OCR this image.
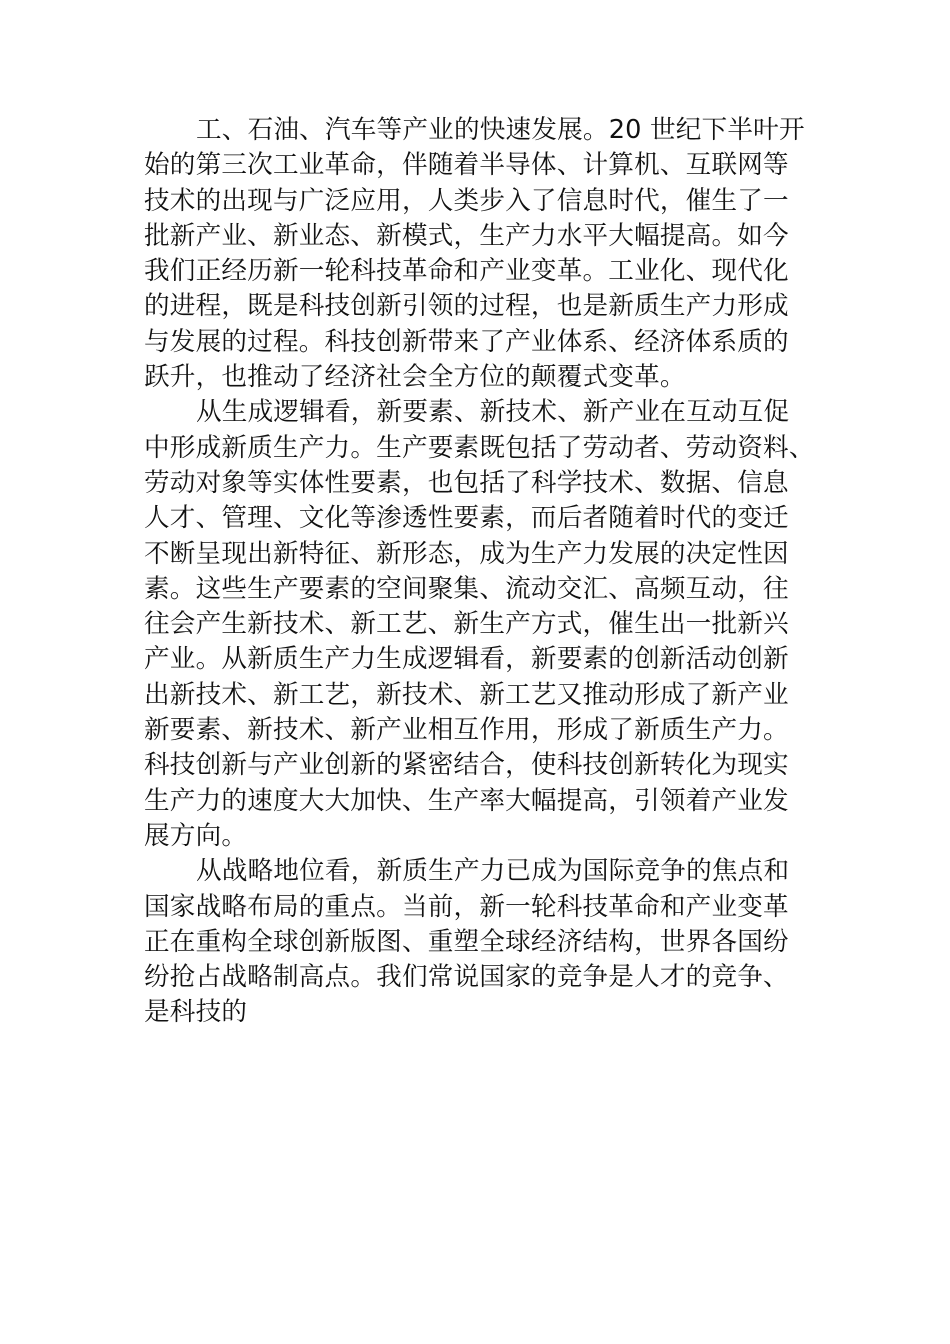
工、石油、汽车等产业的快速发展。20 世纪下半叶开
始的第三次工业革命，伴随着半导体、计算机、互联网等
技术的出现与广泛应用，人类步入了信息时代，催生了一
批新产业、新业态、新模式，生产力水平大幅提高。如今
我们正经历新一轮科技革命和产业变革。工业化、现代化
的进程，既是科技创新引领的过程，也是新质生产力形成
与发展的过程。科技创新带来了产业体系、经济体系质的
跃升，也推动了经济社会全方位的颠覆式变革。
从生成逻辑看，新要素、新技术、新产业在互动互促
中形成新质生产力。生产要素既包括了劳动者、劳动资料、
劳动对象等实体性要素，也包括了科学技术、数据、信息
人才、管理、文化等渗透性要素，而后者随着时代的变迁
不断呈现出新特征、新形态，成为生产力发展的决定性因
素。这些生产要素的空间聚集、流动交汇、高频互动，往
往会产生新技术、新工艺、新生产方式，催生出一批新兴
产业。从新质生产力生成逻辑看，新要素的创新活动创新
出新技术、新工艺，新技术、新工艺又推动形成了新产业
新要素、新技术、新产业相互作用，形成了新质生产力。
科技创新与产业创新的紧密结合，使科技创新转化为现实
生产力的速度大大加快、生产率大幅提高，引领着产业发
展方向。
从战略地位看，新质生产力已成为国际竞争的焦点和
国家战略布局的重点。当前，新一轮科技革命和产业变革
正在重构全球创新版图、重塑全球经济结构，世界各国纷
纷抢占战略制高点。我们常说国家的竞争是人才的竞争、
是科技的
